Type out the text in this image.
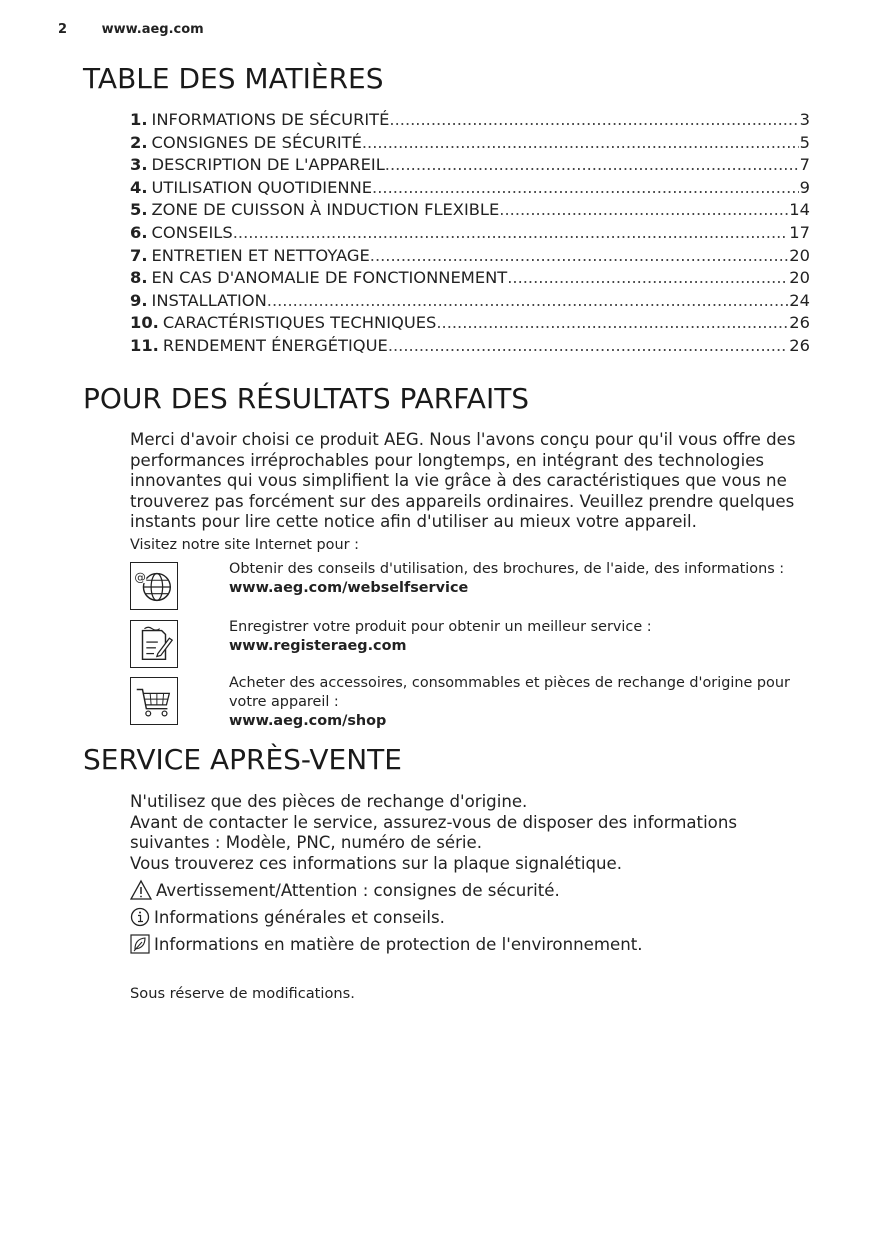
2	www.aeg.com
TABLE DES MATIÈRES
1. INFORMATIONS DE SÉCURITÉ .....	3
2. CONSIGNES DE SÉCURITÉ .....	5
3. DESCRIPTION DE L'APPAREIL .....	7
4. UTILISATION QUOTIDIENNE .....	9
5. ZONE DE CUISSON À INDUCTION FLEXIBLE .....	14
6. CONSEILS .....	17
7. ENTRETIEN ET NETTOYAGE .....	20
8. EN CAS D'ANOMALIE DE FONCTIONNEMENT .....	20
9. INSTALLATION .....	24
10. CARACTÉRISTIQUES TECHNIQUES .....	26
11. RENDEMENT ÉNERGÉTIQUE .....	26
POUR DES RÉSULTATS PARFAITS
Merci d'avoir choisi ce produit AEG. Nous l'avons conçu pour qu'il vous offre des
performances irréprochables pour longtemps, en intégrant des technologies
innovantes qui vous simplifient la vie grâce à des caractéristiques que vous ne
trouverez pas forcément sur des appareils ordinaires. Veuillez prendre quelques
instants pour lire cette notice afin d'utiliser au mieux votre appareil.
Visitez notre site Internet pour :
@
Obtenir des conseils d'utilisation, des brochures, de l'aide, des informations :
www.aeg.com/webselfservice
Enregistrer votre produit pour obtenir un meilleur service :
www.registeraeg.com
Acheter des accessoires, consommables et pièces de rechange d'origine pour
votre appareil :
www.aeg.com/shop
SERVICE APRÈS-VENTE
N'utilisez que des pièces de rechange d'origine.
Avant de contacter le service, assurez-vous de disposer des informations
suivantes : Modèle, PNC, numéro de série.
Vous trouverez ces informations sur la plaque signalétique.
Avertissement/Attention : consignes de sécurité.
Informations générales et conseils.
Informations en matière de protection de l'environnement.
Sous réserve de modifications.
